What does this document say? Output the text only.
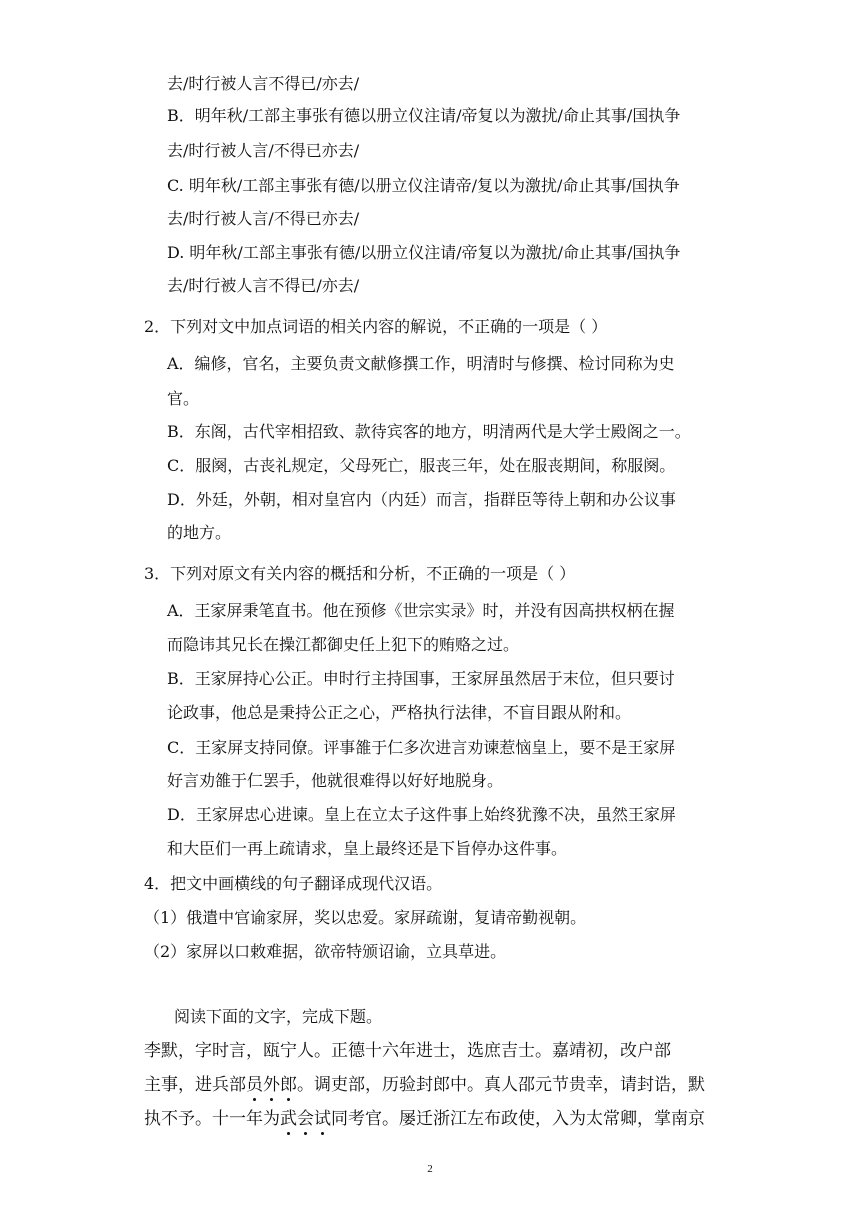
去/时行被人言不得已/亦去/
B．明年秋/工部主事张有德以册立仪注请/帝复以为激扰/命止其事/国执争
去/时行被人言/不得已亦去/
C. 明年秋/工部主事张有德/以册立仪注请帝/复以为激扰/命止其事/国执争
去/时行被人言/不得已亦去/
D. 明年秋/工部主事张有德/以册立仪注请/帝复以为激扰/命止其事/国执争
去/时行被人言不得已/亦去/
2．下列对文中加点词语的相关内容的解说，不正确的一项是（ ）
A．编修，官名，主要负责文献修撰工作，明清时与修撰、检讨同称为史
官。
B．东阁，古代宰相招致、款待宾客的地方，明清两代是大学士殿阁之一。
C．服阕，古丧礼规定，父母死亡，服丧三年，处在服丧期间，称服阕。
D．外廷，外朝，相对皇宫内（内廷）而言，指群臣等待上朝和办公议事
的地方。
3．下列对原文有关内容的概括和分析，不正确的一项是（ ）
A．王家屏秉笔直书。他在预修《世宗实录》时，并没有因高拱权柄在握
而隐讳其兄长在操江都御史任上犯下的贿赂之过。
B．王家屏持心公正。申时行主持国事，王家屏虽然居于末位，但只要讨
论政事，他总是秉持公正之心，严格执行法律，不盲目跟从附和。
C．王家屏支持同僚。评事雒于仁多次进言劝谏惹恼皇上，要不是王家屏
好言劝雒于仁罢手，他就很难得以好好地脱身。
D．王家屏忠心进谏。皇上在立太子这件事上始终犹豫不决，虽然王家屏
和大臣们一再上疏请求，皇上最终还是下旨停办这件事。
4．把文中画横线的句子翻译成现代汉语。
（1）俄遣中官谕家屏，奖以忠爱。家屏疏谢，复请帝勤视朝。
（2）家屏以口敕难据，欲帝特颁诏谕，立具草进。
阅读下面的文字，完成下题。
李默，字时言，瓯宁人。正德十六年进士，选庶吉士。嘉靖初，改户部
主事，进兵部员外郎。调吏部，历验封郎中。真人邵元节贵幸，请封诰，默
执不予。十一年为武会试同考官。屡迁浙江左布政使，入为太常卿，掌南京
2
